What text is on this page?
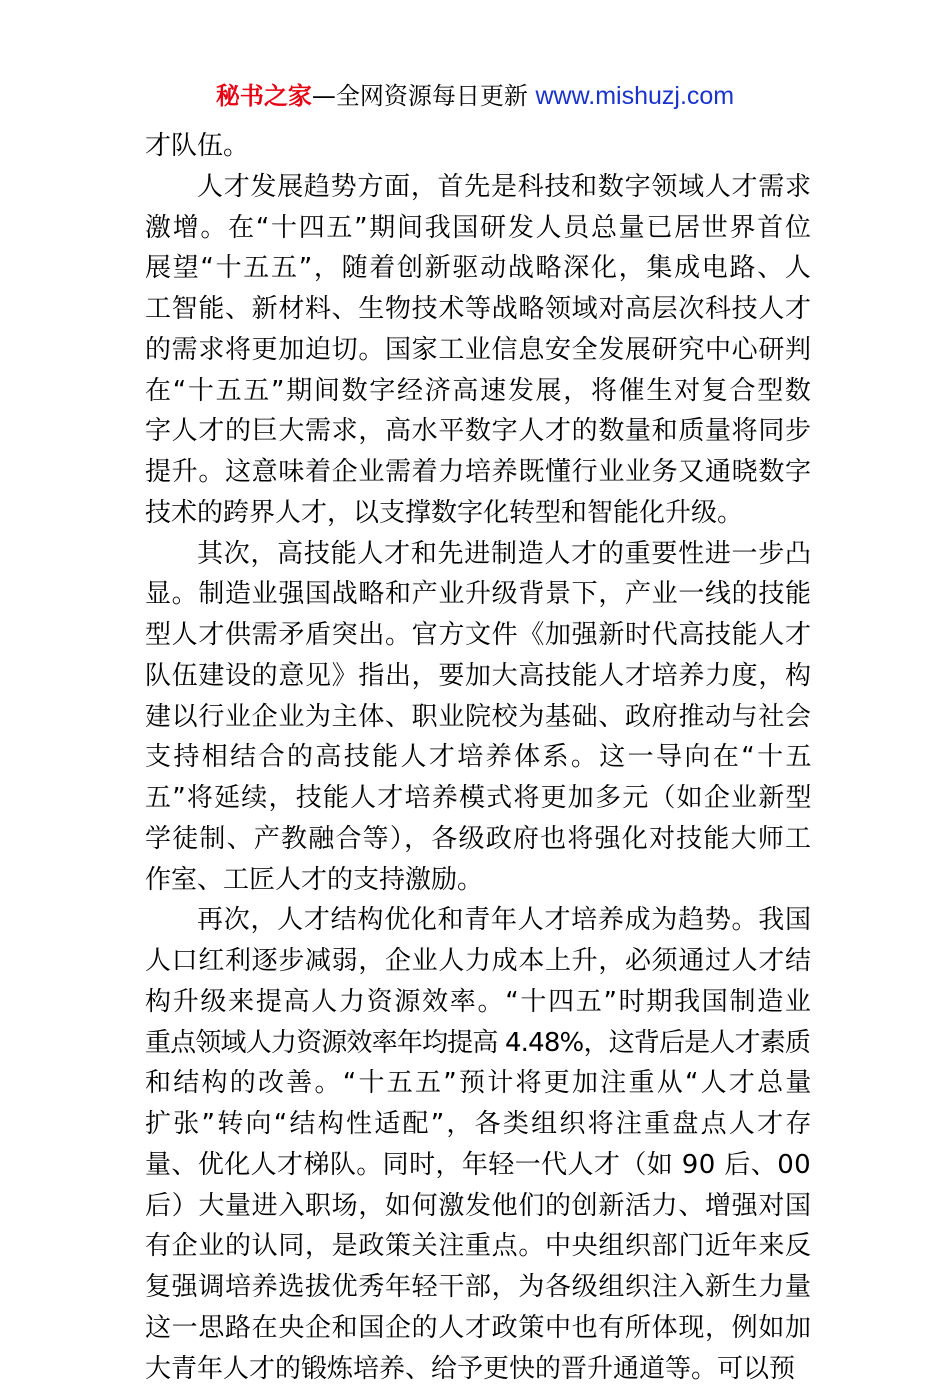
秘书之家—全网资源每日更新 www.mishuzj.com
才队伍。
人才发展趋势方面，首先是科技和数字领域人才需求
激增。在“十四五”期间我国研发人员总量已居世界首位
展望“十五五”，随着创新驱动战略深化，集成电路、人
工智能、新材料、生物技术等战略领域对高层次科技人才
的需求将更加迫切。国家工业信息安全发展研究中心研判
在“十五五”期间数字经济高速发展，将催生对复合型数
字人才的巨大需求，高水平数字人才的数量和质量将同步
提升。这意味着企业需着力培养既懂行业业务又通晓数字
技术的跨界人才，以支撑数字化转型和智能化升级。
其次，高技能人才和先进制造人才的重要性进一步凸
显。制造业强国战略和产业升级背景下，产业一线的技能
型人才供需矛盾突出。官方文件《加强新时代高技能人才
队伍建设的意见》指出，要加大高技能人才培养力度，构
建以行业企业为主体、职业院校为基础、政府推动与社会
支持相结合的高技能人才培养体系。这一导向在“十五
五”将延续，技能人才培养模式将更加多元（如企业新型
学徒制、产教融合等），各级政府也将强化对技能大师工
作室、工匠人才的支持激励。
再次，人才结构优化和青年人才培养成为趋势。我国
人口红利逐步减弱，企业人力成本上升，必须通过人才结
构升级来提高人力资源效率。“十四五”时期我国制造业
重点领域人力资源效率年均提高 4.48%，这背后是人才素质
和结构的改善。“十五五”预计将更加注重从“人才总量
扩张”转向“结构性适配”，各类组织将注重盘点人才存
量、优化人才梯队。同时，年轻一代人才（如 90 后、00
后）大量进入职场，如何激发他们的创新活力、增强对国
有企业的认同，是政策关注重点。中央组织部门近年来反
复强调培养选拔优秀年轻干部，为各级组织注入新生力量
这一思路在央企和国企的人才政策中也有所体现，例如加
大青年人才的锻炼培养、给予更快的晋升通道等。可以预
